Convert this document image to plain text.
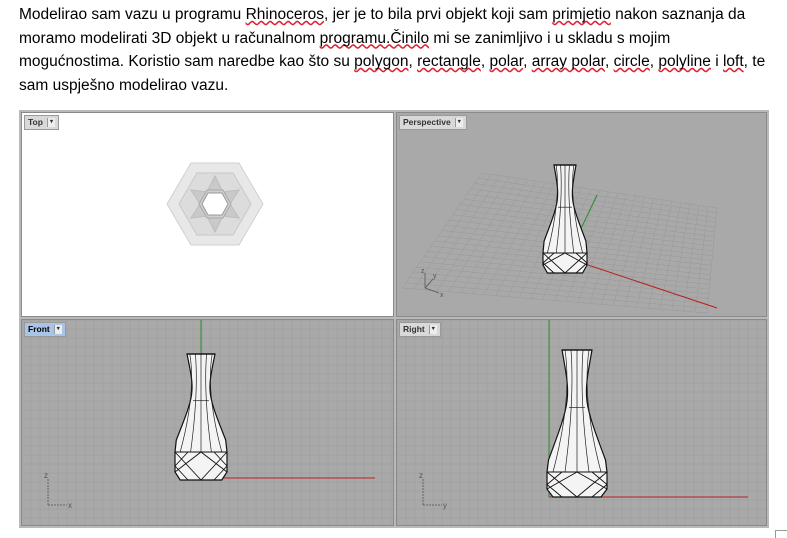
Modelirao sam vazu u programu Rhinoceros, jer je to bila prvi objekt koji sam primjetio nakon saznanja da moramo modelirati 3D objekt u računalnom programu.Činilo mi se zanimljivo i u skladu s mojim mogućnostima. Koristio sam naredbe kao što su polygon, rectangle, polar, array polar, circle, polyline i loft, te sam uspješno modelirao vazu.
Top	▾
z
x
y
Perspective	▾
z
x
Front	▾
z
y
Right	▾
